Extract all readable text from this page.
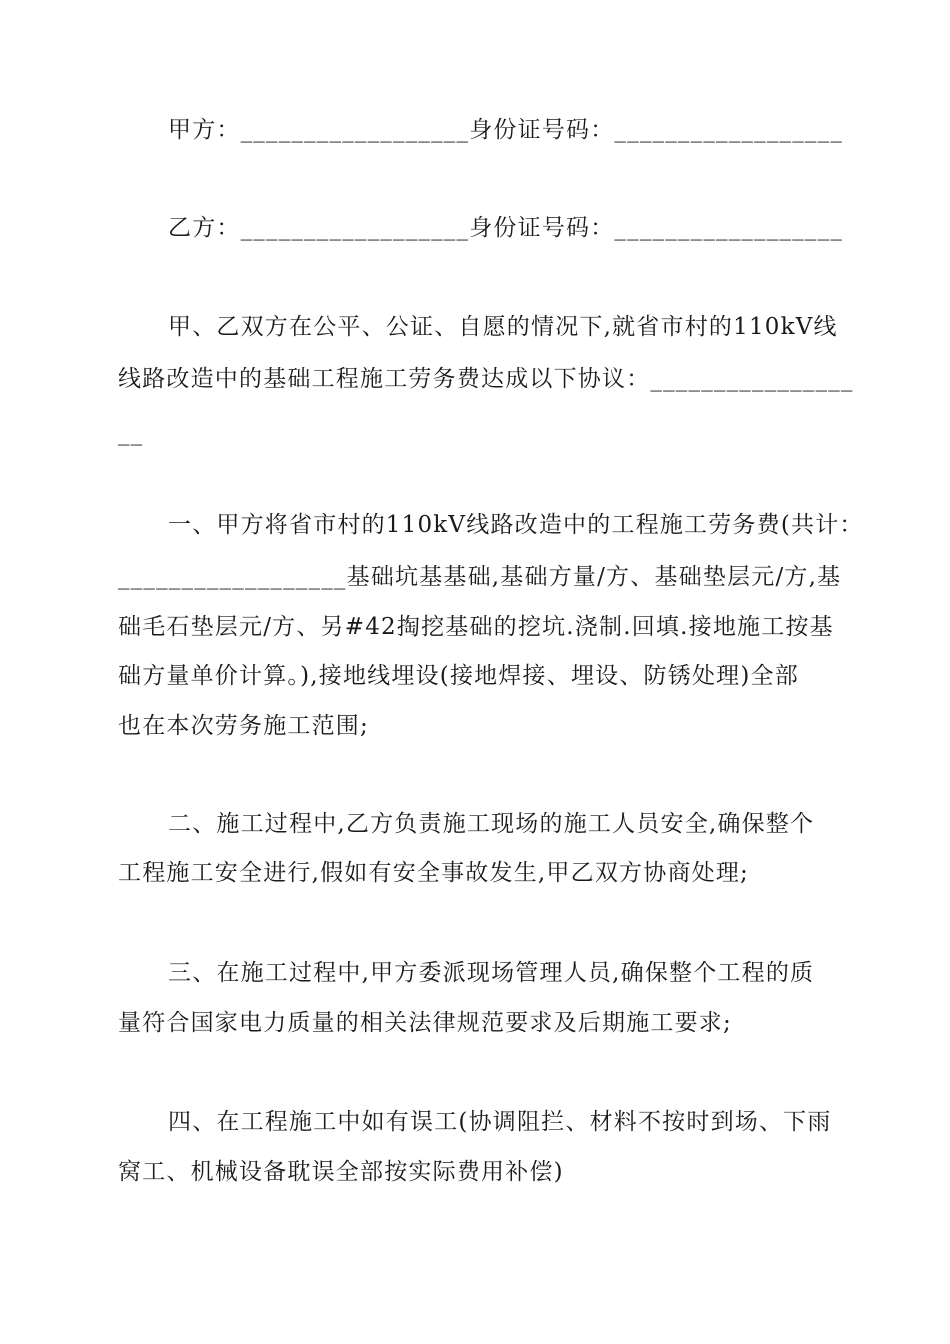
甲方：__________________身份证号码：__________________
乙方：__________________身份证号码：__________________
甲、乙双方在公平、公证、自愿的情况下,就省市村的110kV线
线路改造中的基础工程施工劳务费达成以下协议：________________
__
一、甲方将省市村的110kV线路改造中的工程施工劳务费(共计：
__________________基础坑基基础,基础方量/方、基础垫层元/方,基
础毛石垫层元/方、另#42掏挖基础的挖坑.浇制.回填.接地施工按基
础方量单价计算。),接地线埋设(接地焊接、埋设、防锈处理)全部
也在本次劳务施工范围;
二、施工过程中,乙方负责施工现场的施工人员安全,确保整个
工程施工安全进行,假如有安全事故发生,甲乙双方协商处理;
三、在施工过程中,甲方委派现场管理人员,确保整个工程的质
量符合国家电力质量的相关法律规范要求及后期施工要求;
四、在工程施工中如有误工(协调阻拦、材料不按时到场、下雨
窝工、机械设备耽误全部按实际费用补偿)
